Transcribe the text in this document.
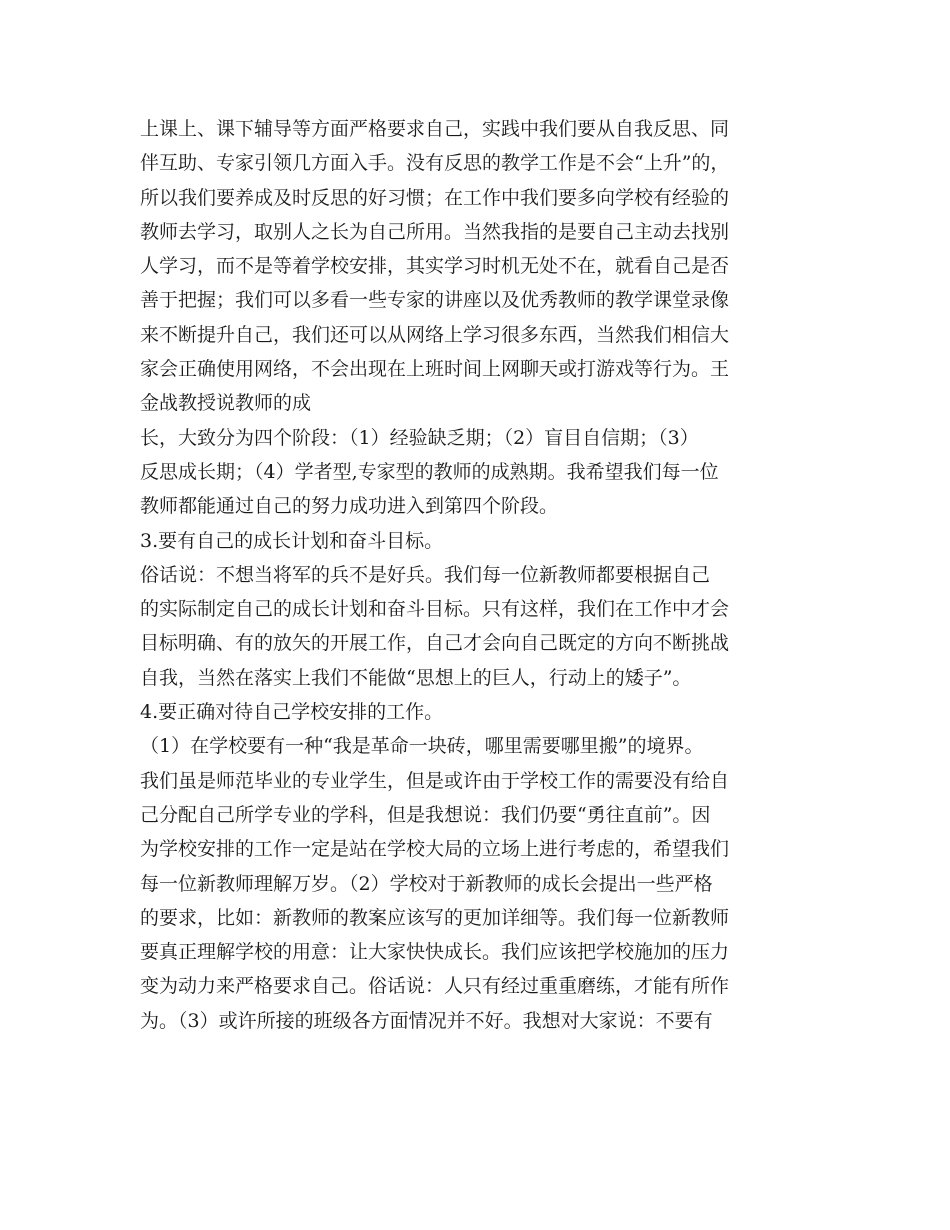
上课上、课下辅导等方面严格要求自己，实践中我们要从自我反思、同
伴互助、专家引领几方面入手。没有反思的教学工作是不会“上升”的，
所以我们要养成及时反思的好习惯；在工作中我们要多向学校有经验的
教师去学习，取别人之长为自己所用。当然我指的是要自己主动去找别
人学习，而不是等着学校安排，其实学习时机无处不在，就看自己是否
善于把握；我们可以多看一些专家的讲座以及优秀教师的教学课堂录像
来不断提升自己，我们还可以从网络上学习很多东西，当然我们相信大
家会正确使用网络，不会出现在上班时间上网聊天或打游戏等行为。王
金战教授说教师的成
长，大致分为四个阶段：（1）经验缺乏期；（2）盲目自信期；（3）
反思成长期；（4）学者型,专家型的教师的成熟期。我希望我们每一位
教师都能通过自己的努力成功进入到第四个阶段。
3.要有自己的成长计划和奋斗目标。
俗话说：不想当将军的兵不是好兵。我们每一位新教师都要根据自己
的实际制定自己的成长计划和奋斗目标。只有这样，我们在工作中才会
目标明确、有的放矢的开展工作，自己才会向自己既定的方向不断挑战
自我，当然在落实上我们不能做“思想上的巨人，行动上的矮子”。
4.要正确对待自己学校安排的工作。
（1）在学校要有一种“我是革命一块砖，哪里需要哪里搬”的境界。
我们虽是师范毕业的专业学生，但是或许由于学校工作的需要没有给自
己分配自己所学专业的学科，但是我想说：我们仍要“勇往直前”。因
为学校安排的工作一定是站在学校大局的立场上进行考虑的，希望我们
每一位新教师理解万岁。（2）学校对于新教师的成长会提出一些严格
的要求，比如：新教师的教案应该写的更加详细等。我们每一位新教师
要真正理解学校的用意：让大家快快成长。我们应该把学校施加的压力
变为动力来严格要求自己。俗话说：人只有经过重重磨练，才能有所作
为。（3）或许所接的班级各方面情况并不好。我想对大家说：不要有
